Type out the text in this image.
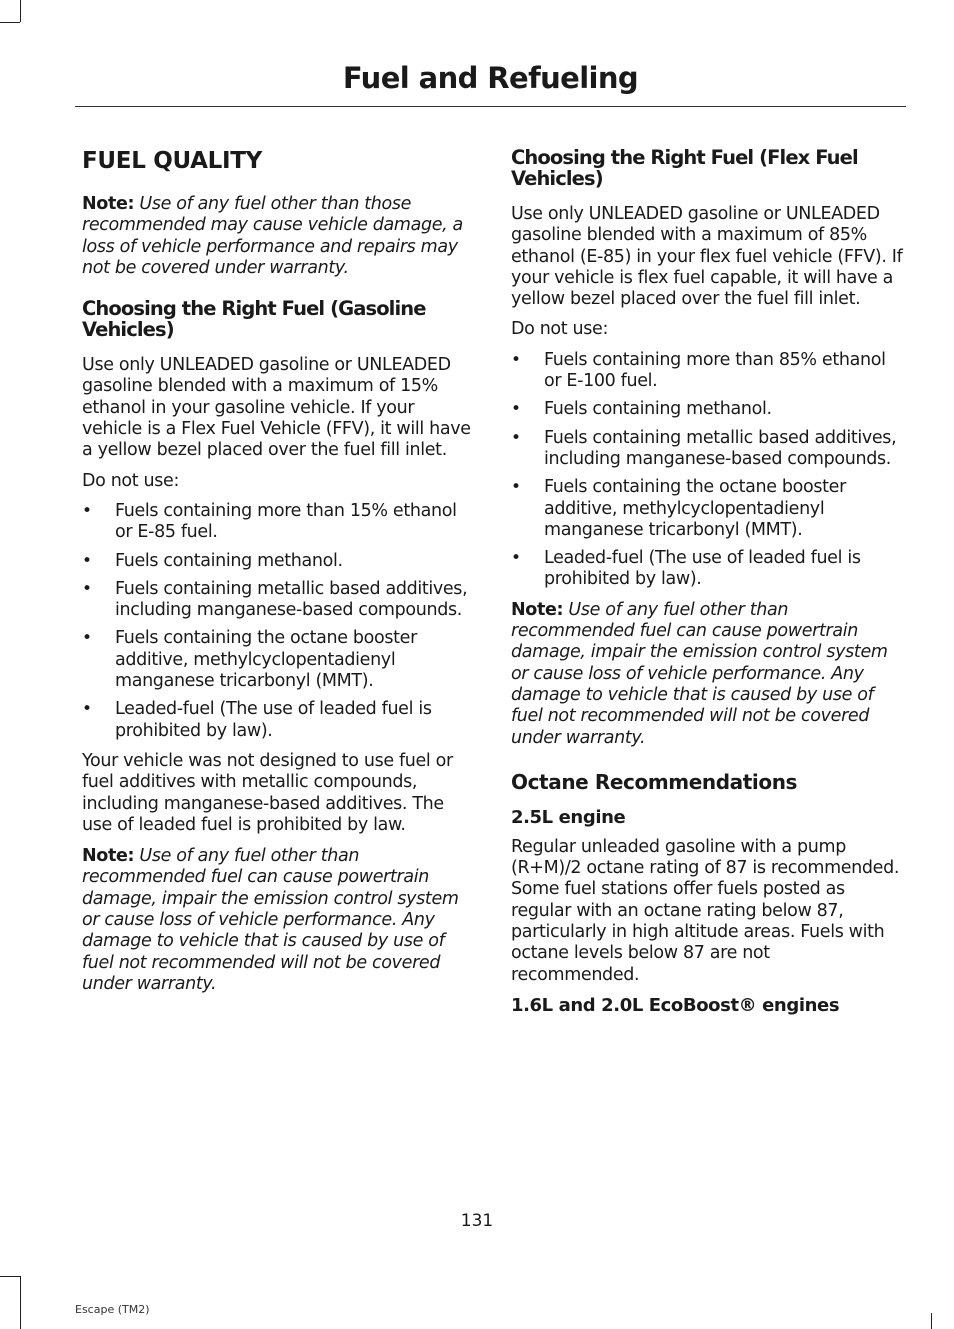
Fuel and Refueling
FUEL QUALITY

Note: Use of any fuel other than those recommended may cause vehicle damage, a loss of vehicle performance and repairs may not be covered under warranty.

Choosing the Right Fuel (Gasoline Vehicles)

Use only UNLEADED gasoline or UNLEADED gasoline blended with a maximum of 15% ethanol in your gasoline vehicle. If your vehicle is a Flex Fuel Vehicle (FFV), it will have a yellow bezel placed over the fuel fill inlet.

Do not use:

• Fuels containing more than 15% ethanol or E-85 fuel.
• Fuels containing methanol.
• Fuels containing metallic based additives, including manganese-based compounds.
• Fuels containing the octane booster additive, methylcyclopentadienyl manganese tricarbonyl (MMT).
• Leaded-fuel (The use of leaded fuel is prohibited by law).

Your vehicle was not designed to use fuel or fuel additives with metallic compounds, including manganese-based additives. The use of leaded fuel is prohibited by law.

Note: Use of any fuel other than recommended fuel can cause powertrain damage, impair the emission control system or cause loss of vehicle performance. Any damage to vehicle that is caused by use of fuel not recommended will not be covered under warranty.

Choosing the Right Fuel (Flex Fuel Vehicles)

Use only UNLEADED gasoline or UNLEADED gasoline blended with a maximum of 85% ethanol (E-85) in your flex fuel vehicle (FFV). If your vehicle is flex fuel capable, it will have a yellow bezel placed over the fuel fill inlet.

Do not use:

• Fuels containing more than 85% ethanol or E-100 fuel.
• Fuels containing methanol.
• Fuels containing metallic based additives, including manganese-based compounds.
• Fuels containing the octane booster additive, methylcyclopentadienyl manganese tricarbonyl (MMT).
• Leaded-fuel (The use of leaded fuel is prohibited by law).

Note: Use of any fuel other than recommended fuel can cause powertrain damage, impair the emission control system or cause loss of vehicle performance. Any damage to vehicle that is caused by use of fuel not recommended will not be covered under warranty.

Octane Recommendations
2.5L engine

Regular unleaded gasoline with a pump (R+M)/2 octane rating of 87 is recommended. Some fuel stations offer fuels posted as regular with an octane rating below 87, particularly in high altitude areas. Fuels with octane levels below 87 are not recommended.

1.6L and 2.0L EcoBoost® engines
131
Escape (TM2)
